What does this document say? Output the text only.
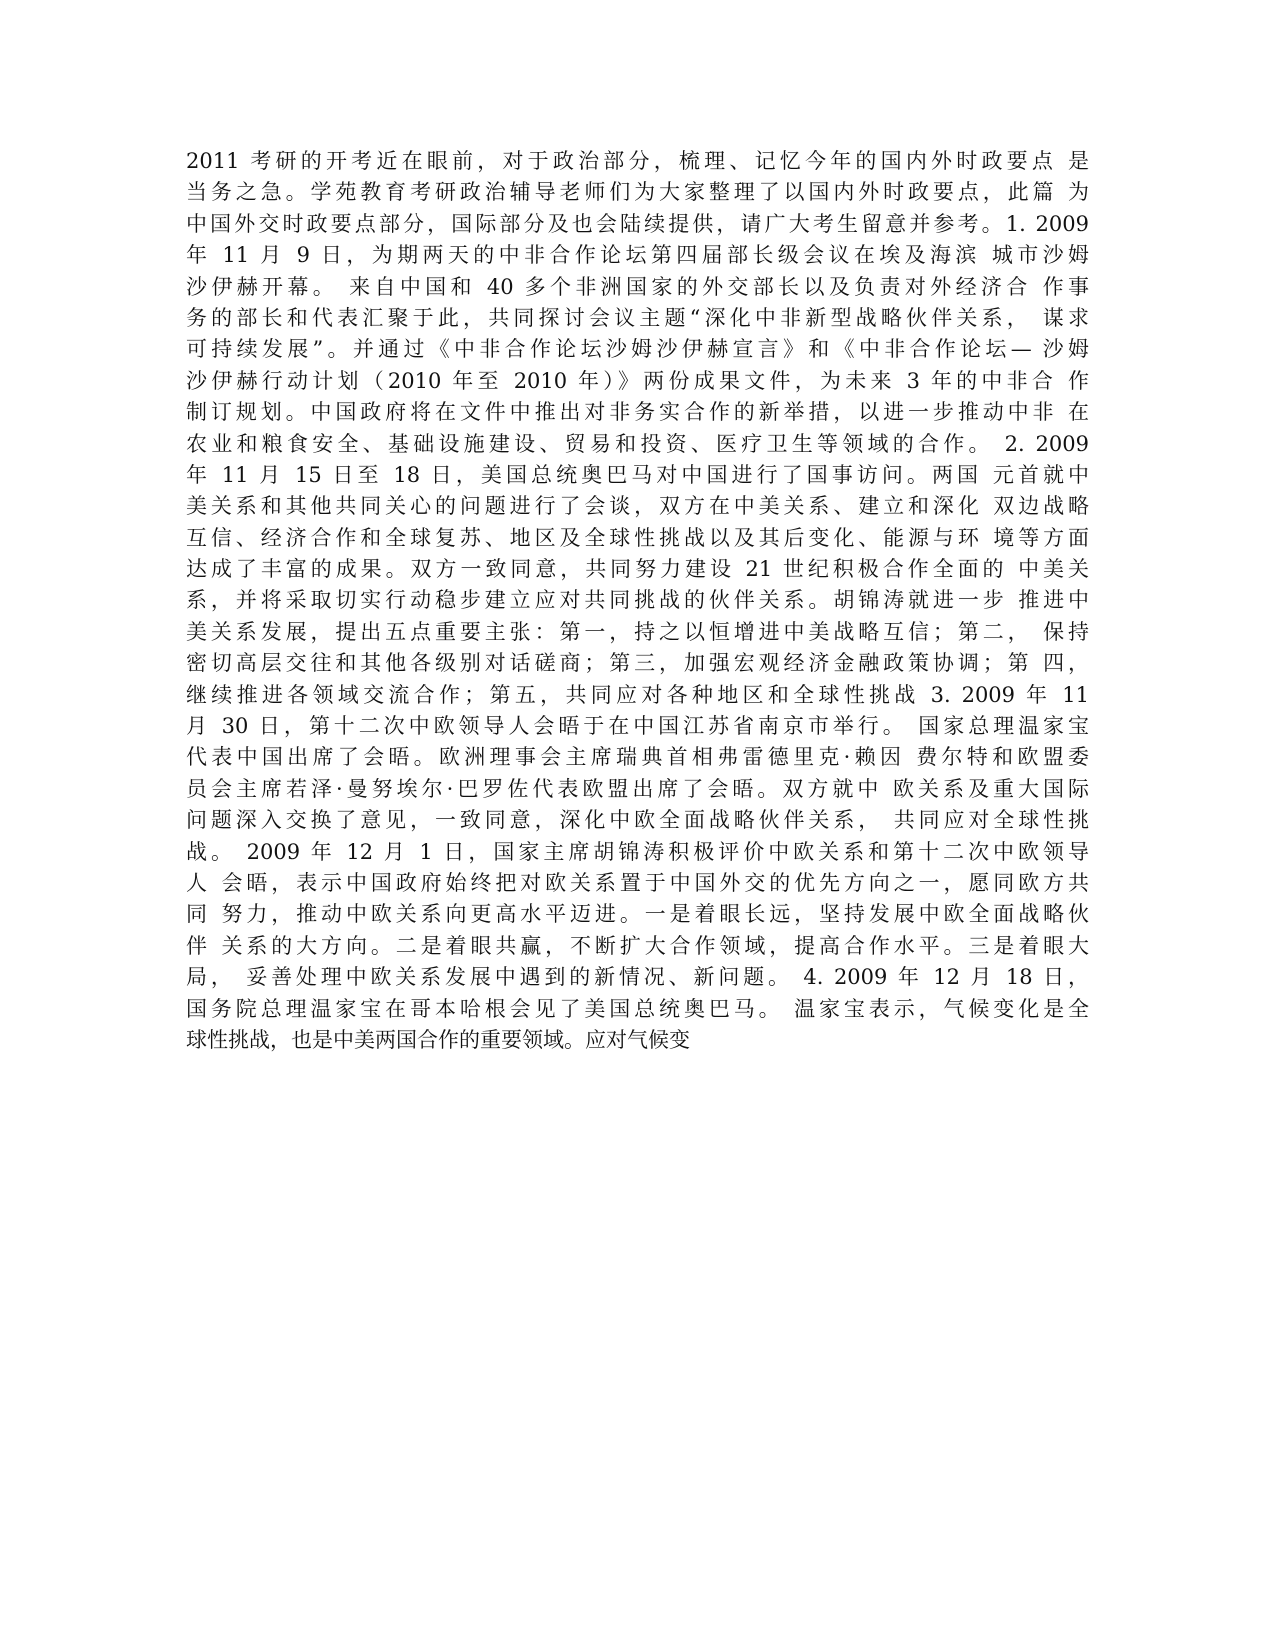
2011 考研的开考近在眼前，对于政治部分，梳理、记忆今年的国内外时政要点 是
当务之急。学苑教育考研政治辅导老师们为大家整理了以国内外时政要点，此篇 为
中国外交时政要点部分，国际部分及也会陆续提供，请广大考生留意并参考。1. 2009
年 11 月 9 日，为期两天的中非合作论坛第四届部长级会议在埃及海滨 城市沙姆
沙伊赫开幕。 来自中国和 40 多个非洲国家的外交部长以及负责对外经济合 作事
务的部长和代表汇聚于此，共同探讨会议主题“深化中非新型战略伙伴关系， 谋求
可持续发展”。并通过《中非合作论坛沙姆沙伊赫宣言》和《中非合作论坛— 沙姆
沙伊赫行动计划（2010 年至 2010 年）》两份成果文件，为未来 3 年的中非合 作
制订规划。中国政府将在文件中推出对非务实合作的新举措，以进一步推动中非 在
农业和粮食安全、基础设施建设、贸易和投资、医疗卫生等领域的合作。 2. 2009
年 11 月 15 日至 18 日，美国总统奥巴马对中国进行了国事访问。两国 元首就中
美关系和其他共同关心的问题进行了会谈，双方在中美关系、建立和深化 双边战略
互信、经济合作和全球复苏、地区及全球性挑战以及其后变化、能源与环 境等方面
达成了丰富的成果。双方一致同意，共同努力建设 21 世纪积极合作全面的 中美关
系，并将采取切实行动稳步建立应对共同挑战的伙伴关系。胡锦涛就进一步 推进中
美关系发展，提出五点重要主张：第一，持之以恒增进中美战略互信；第二， 保持
密切高层交往和其他各级别对话磋商；第三，加强宏观经济金融政策协调；第 四，
继续推进各领域交流合作；第五，共同应对各种地区和全球性挑战 3. 2009 年 11
月 30 日，第十二次中欧领导人会晤于在中国江苏省南京市举行。 国家总理温家宝
代表中国出席了会晤。欧洲理事会主席瑞典首相弗雷德里克·赖因 费尔特和欧盟委
员会主席若泽·曼努埃尔·巴罗佐代表欧盟出席了会晤。双方就中 欧关系及重大国际
问题深入交换了意见，一致同意，深化中欧全面战略伙伴关系， 共同应对全球性挑
战。 2009 年 12 月 1 日，国家主席胡锦涛积极评价中欧关系和第十二次中欧领导
人 会晤，表示中国政府始终把对欧关系置于中国外交的优先方向之一，愿同欧方共
同 努力，推动中欧关系向更高水平迈进。一是着眼长远，坚持发展中欧全面战略伙
伴 关系的大方向。二是着眼共赢，不断扩大合作领域，提高合作水平。三是着眼大
局， 妥善处理中欧关系发展中遇到的新情况、新问题。 4. 2009 年 12 月 18 日，
国务院总理温家宝在哥本哈根会见了美国总统奥巴马。 温家宝表示，气候变化是全
球性挑战，也是中美两国合作的重要领域。应对气候变
